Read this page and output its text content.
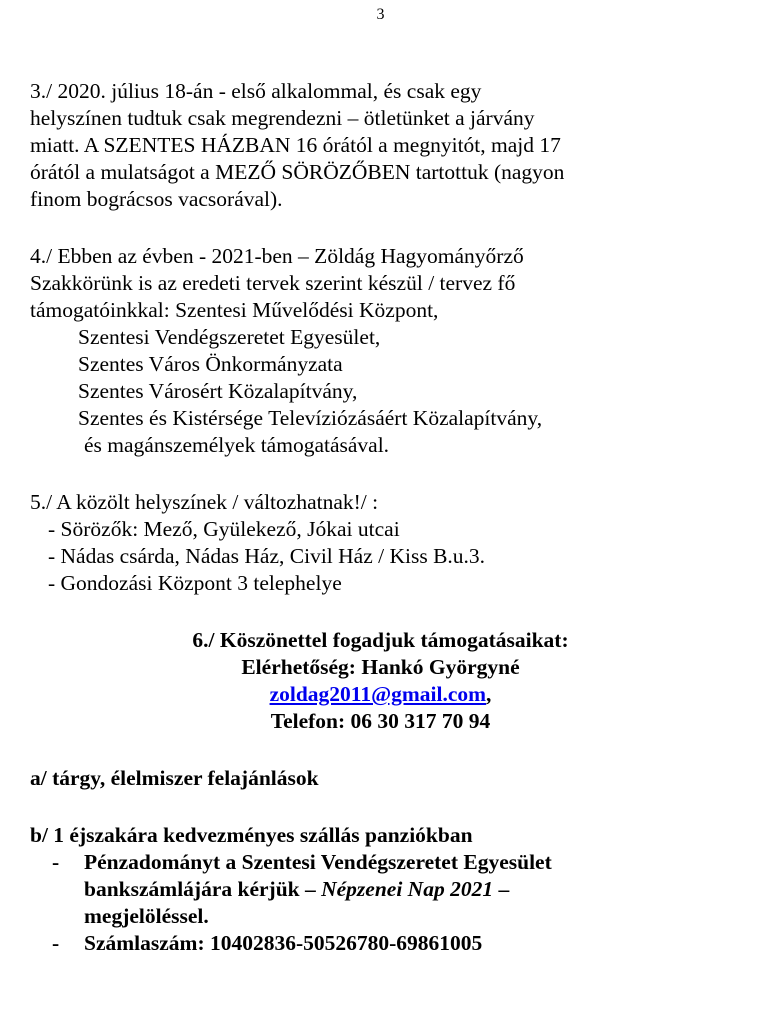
3
3./ 2020. július 18-án - első alkalommal, és csak egy
helyszínen tudtuk csak megrendezni – ötletünket a járvány
miatt. A SZENTES HÁZBAN 16 órától a megnyitót, majd 17
órától a mulatságot a MEZŐ SÖRÖZŐBEN tartottuk (nagyon
finom bográcsos vacsorával).
4./ Ebben az évben - 2021-ben – Zöldág Hagyományőrző
Szakkörünk is az eredeti tervek szerint készül / tervez fő
támogatóinkkal: Szentesi Művelődési Központ,
Szentesi Vendégszeretet Egyesület,
Szentes Város Önkormányzata
Szentes Városért Közalapítvány,
Szentes és Kistérsége Televíziózásáért Közalapítvány,
és magánszemélyek támogatásával.
5./ A közölt helyszínek / változhatnak!/ :
- Sörözők: Mező, Gyülekező, Jókai utcai
- Nádas csárda, Nádas Ház, Civil Ház / Kiss B.u.3.
- Gondozási Központ 3 telephelye
6./ Köszönettel fogadjuk támogatásaikat:
Elérhetőség: Hankó Györgyné
zoldag2011@gmail.com,
Telefon: 06 30 317 70 94
a/ tárgy, élelmiszer felajánlások
b/ 1 éjszakára kedvezményes szállás panziókban
- Pénzadományt a Szentesi Vendégszeretet Egyesület
bankszámlájára kérjük – Népzenei Nap 2021 –
megjelöléssel.
- Számlaszám: 10402836-50526780-69861005
